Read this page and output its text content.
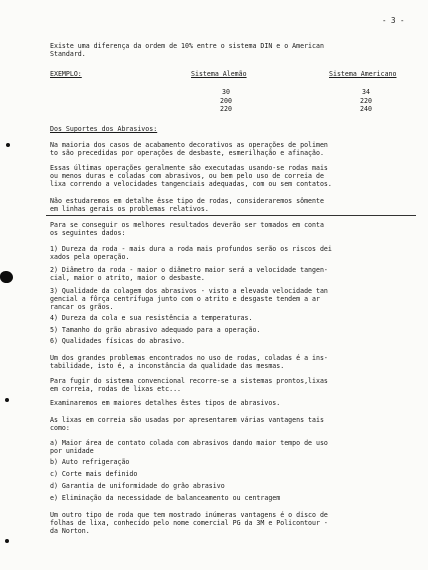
- 3 -
Existe uma diferença da ordem de 10% entre o sistema DIN e o American
Standard.
EXEMPLO:	Sistema Alemão	Sistema Americano
30
200
220
34
220
240
Dos Suportes dos Abrasivos:
Na maioria dos casos de acabamento decorativos as operações de polimen
to são precedidas por operações de desbaste, esmerilhação e afinação.
Essas últimas operações geralmente são executadas usando-se rodas mais
ou menos duras e coladas com abrasivos, ou bem pelo uso de correia de
lixa correndo a velocidades tangenciais adequadas, com ou sem contatos.
Não estudaremos em detalhe êsse tipo de rodas, consideraremos sômente
em linhas gerais os problemas relativos.
Para se conseguir os melhores resultados deverão ser tomados em conta
os seguintes dados:
1) Dureza da roda - mais dura a roda mais profundos serão os riscos dei
xados pela operação.
2) Diâmetro da roda - maior o diâmetro maior será a velocidade tangen-
cial, maior o atrito, maior o desbaste.
3) Qualidade da colagem dos abrasivos - visto a elevada velocidade tan
gencial a fôrça centrífuga junto com o atrito e desgaste tendem a ar
rancar os grãos.
4) Dureza da cola e sua resistência a temperaturas.
5) Tamanho do grão abrasivo adequado para a operação.
6) Qualidades físicas do abrasivo.
Um dos grandes problemas encontrados no uso de rodas, coladas é a ins-
tabilidade, isto é, a inconstância da qualidade das mesmas.
Para fugir do sistema convencional recorre-se a sistemas prontos,lixas
em correia, rodas de lixas etc...
Examinaremos em maiores detalhes êstes tipos de abrasivos.
As lixas em correia são usadas por apresentarem várias vantagens tais
como:
a) Maior área de contato colada com abrasivos dando maior tempo de uso
por unidade
b) Auto refrigeração
c) Corte mais definido
d) Garantia de uniformidade do grão abrasivo
e) Eliminação da necessidade de balanceamento ou centragem
Um outro tipo de roda que tem mostrado inúmeras vantagens é o disco de
folhas de lixa, conhecido pelo nome comercial PG da 3M e Policontour -
da Norton.
